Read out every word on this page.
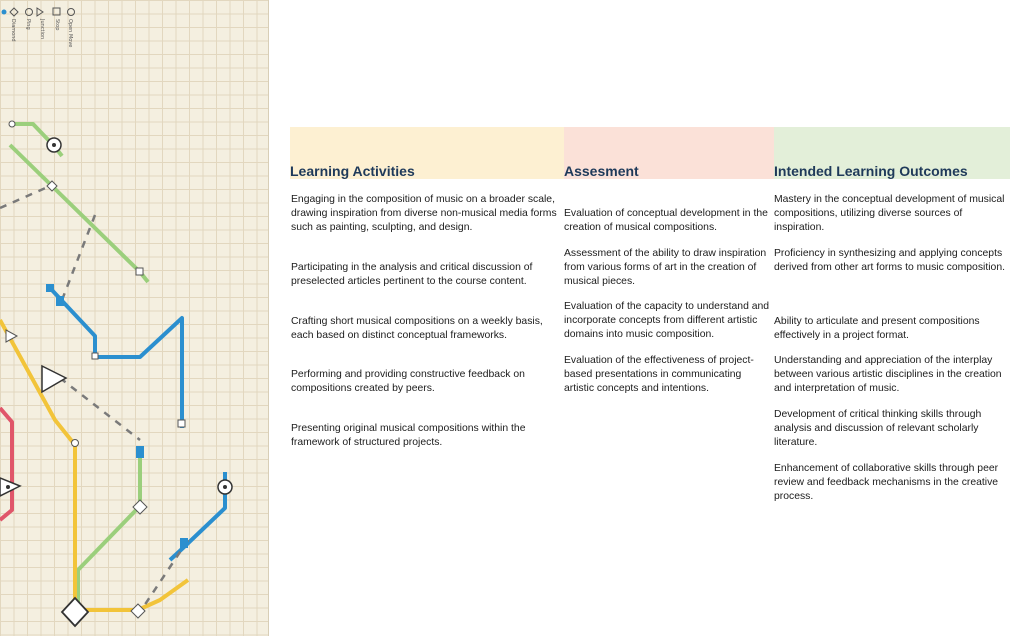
Open Move
Stop
Junction
Ping
Diamond
Learning Activities	Assesment	Intended Learning Outcomes
Engaging in the composition of music on a broader scale, drawing inspiration from diverse non-musical media forms such as painting, sculpting, and design.
Participating in the analysis and critical discussion of preselected articles pertinent to the course content.
Crafting short musical compositions on a weekly basis, each based on distinct conceptual frameworks.
Performing and providing constructive feedback on compositions created by peers.
Presenting original musical compositions within the framework of structured projects.
Evaluation of conceptual development in the creation of musical compositions.
Assessment of the ability to draw inspiration from various forms of art in the creation of musical pieces.
Evaluation of the capacity to understand and incorporate concepts from different artistic domains into music composition.
Evaluation of the effectiveness of project-based presentations in communicating artistic concepts and intentions.
Mastery in the conceptual development of musical compositions, utilizing diverse sources of inspiration.
Proficiency in synthesizing and applying concepts derived from other art forms to music composition.
Ability to articulate and present compositions effectively in a project format.
Understanding and appreciation of the interplay between various artistic disciplines in the creation and interpretation of music.
Development of critical thinking skills through analysis and discussion of relevant scholarly literature.
Enhancement of collaborative skills through peer review and feedback mechanisms in the creative process.
